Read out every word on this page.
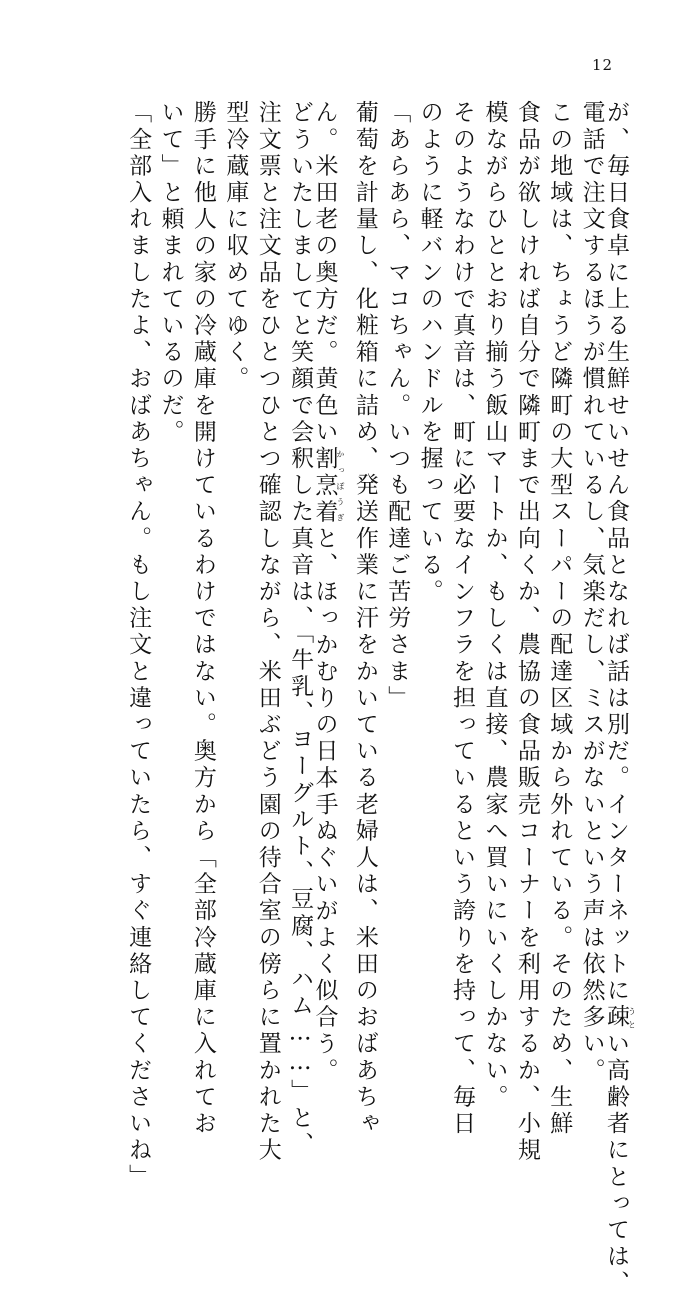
12
が、毎日食卓に上る生鮮せいせん食品となれば話は別だ。インターネットに疎うとい高齢者にとっては、
電話で注文するほうが慣れているし、気楽だし、ミスがないという声は依然多い。
この地域は、ちょうど隣町の大型スーパーの配達区域から外れている。そのため、生鮮
食品が欲しければ自分で隣町まで出向くか、農協の食品販売コーナーを利用するか、小規
模ながらひととおり揃う飯山マートか、もしくは直接、農家へ買いにいくしかない。
そのようなわけで真音は、町に必要なインフラを担っているという誇りを持って、毎日
のように軽バンのハンドルを握っている。
「あらあら、マコちゃん。いつも配達ご苦労さま」
葡萄を計量し、化粧箱に詰め、発送作業に汗をかいている老婦人は、米田のおばあちゃ
ん。米田老の奥方だ。黄色い割烹着かっぽうぎと、ほっかむりの日本手ぬぐいがよく似合う。
どういたしましてと笑顔で会釈した真音は、「牛乳、ヨーグルト、豆腐、ハム……」と、
注文票と注文品をひとつひとつ確認しながら、米田ぶどう園の待合室の傍らに置かれた大
型冷蔵庫に収めてゆく。
勝手に他人の家の冷蔵庫を開けているわけではない。奥方から「全部冷蔵庫に入れてお
いて」と頼まれているのだ。
「全部入れましたよ、おばあちゃん。もし注文と違っていたら、すぐ連絡してくださいね」
